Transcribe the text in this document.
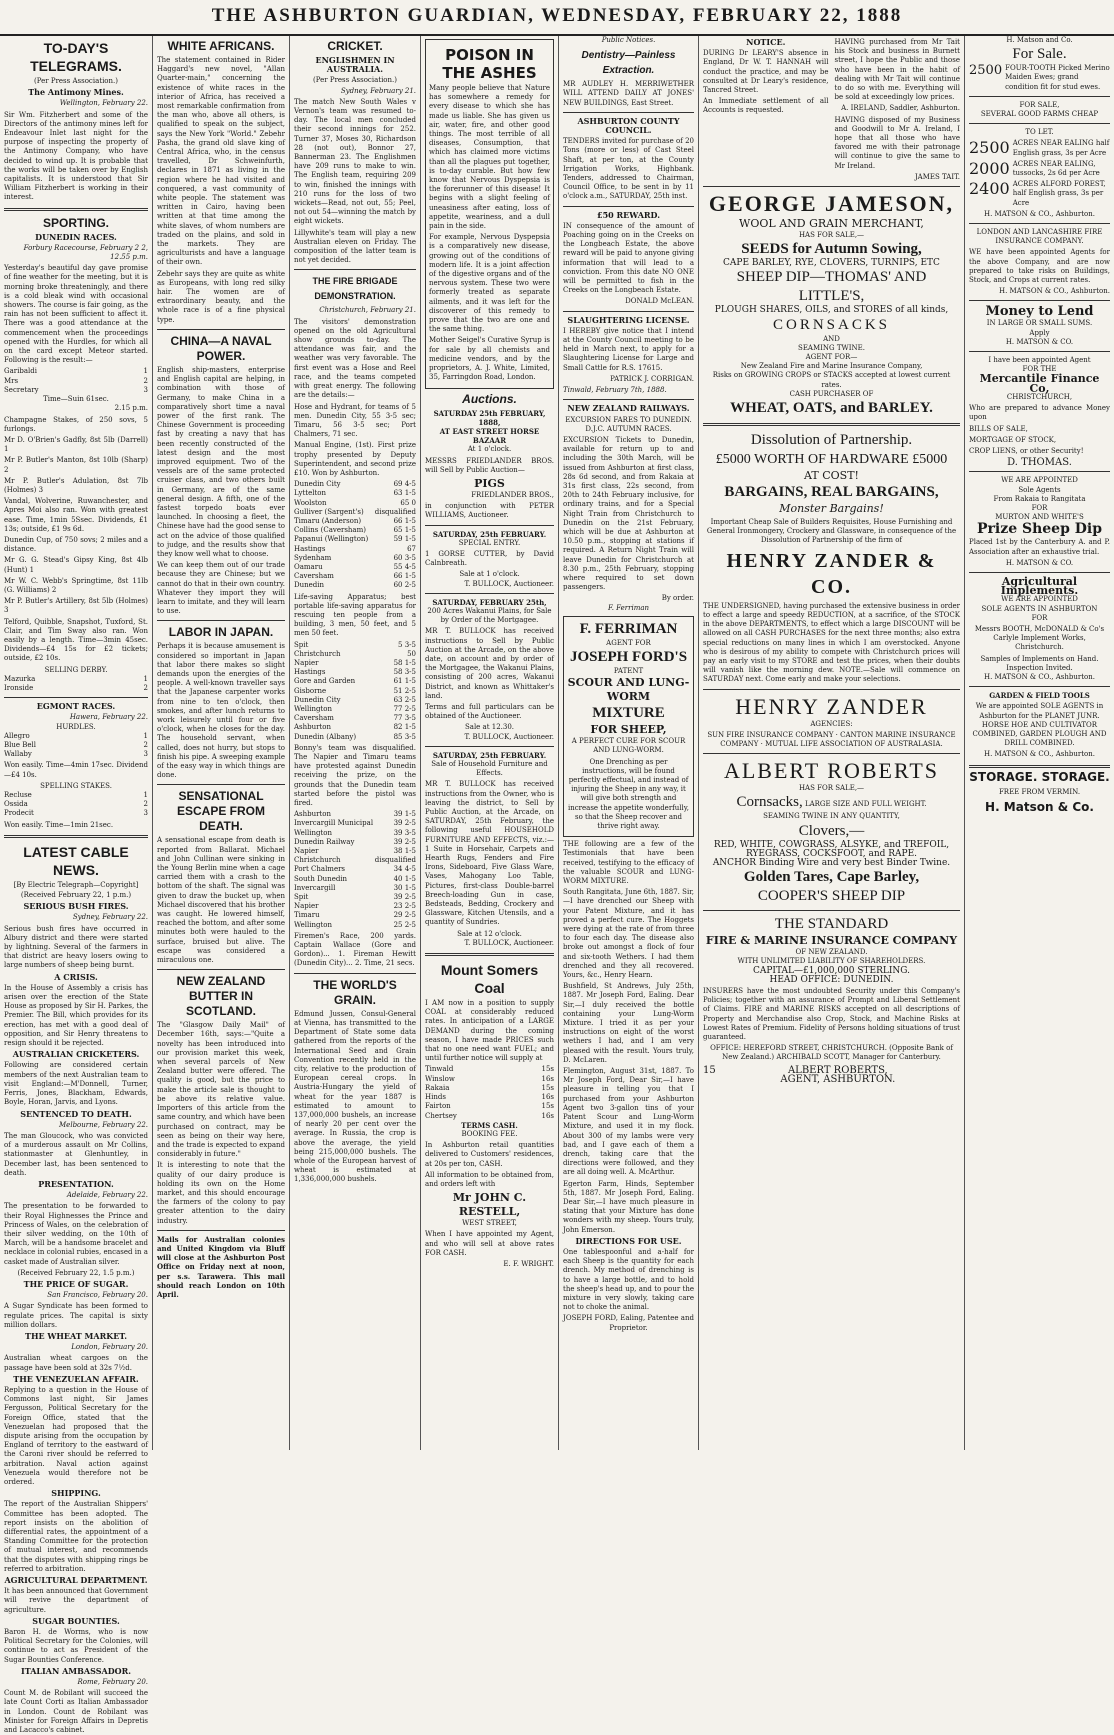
THE ASHBURTON GUARDIAN, WEDNESDAY, FEBRUARY 22, 1888
TO-DAY'S TELEGRAMS.
(Per Press Association.)
The Antimony Mines.
Wellington, February 22.
Sir Wm. Fitzherbert and some of the Directors of the antimony mines left for Endeavour Inlet last night for the purpose of inspecting the property of the Antimony Company, who have decided to wind up. It is probable that the works will be taken over by English capitalists. It is understood that Sir William Fitzherbert is working in their interest.
SPORTING.
DUNEDIN RACES.
Forbury Racecourse, February 2 2, 12.55 p.m.
Yesterday's beautiful day gave promise of fine weather for the meeting, but it is morning broke threateningly, and there is a cold bleak wind with occasional showers. The course is fair going, as the rain has not been sufficient to affect it. There was a good attendance at the commencement when the proceedings opened with the Hurdles, for which all on the card except Meteor started. Following is the result:—
Garibaldi	1
Mrs	2
Secretary	3
Time—Suin 61sec.
2.15 p.m.
Champagne Stakes, of 250 sovs, 5 furlongs.
Mr D. O'Brien's Gadfly, 8st 5lb (Darrell) 1
Mr P. Butler's Manton, 8st 10lb (Sharp) 2
Mr P. Butler's Adulation, 8st 7lb (Holmes) 3
Vandal, Wolverine, Ruwanchester, and Apres Moi also ran. Won with greatest ease. Time, 1min 5Ssec. Dividends, £1 13s; outside, £1 9s 6d.
Dunedin Cup, of 750 sovs; 2 miles and a distance.
Mr G. G. Stead's Gipsy King, 8st 4lb (Hunt) 1
Mr W. C. Webb's Springtime, 8st 11lb (G. Williams) 2
Mr P. Butler's Artillery, 8st 5lb (Holmes) 3
Telford, Quibble, Snapshot, Tuxford, St. Clair, and Tim Sway also ran. Won easily by a length. Time—3min 45sec. Dividends—£4 15s for £2 tickets; outside, £2 10s.
SELLING DERBY.
Mazurka	1
Ironside	2
EGMONT RACES.
Hawera, February 22.
HURDLES.
Allegro	1
Blue Bell	2
Wallaby	3
Won easily. Time—4min 17sec. Dividend—£4 10s.
SPELLING STAKES.
Recluse	1
Ossida	2
Prodecit	3
Won easily. Time—1min 21sec.
LATEST CABLE NEWS.
[By Electric Telegraph—Copyright]
(Received February 22, 1 p.m.)
SERIOUS BUSH FIRES.
Sydney, February 22.
Serious bush fires have occurred in Albury district and there were started by lightning. Several of the farmers in that district are heavy losers owing to large numbers of sheep being burnt.
A CRISIS.
In the House of Assembly a crisis has arisen over the erection of the State House as proposed by Sir H. Parkes, the Premier. The Bill, which provides for its erection, has met with a good deal of opposition, and Sir Henry threatens to resign should it be rejected.
AUSTRALIAN CRICKETERS.
Following are considered certain members of the next Australian team to visit England:—M'Donnell, Turner, Ferris, Jones, Blackham, Edwards, Boyle, Horan, Jarvis, and Lyons.
SENTENCED TO DEATH.
Melbourne, February 22.
The man Gloucock, who was convicted of a murderous assault on Mr Collins, stationmaster at Glenhuntley, in December last, has been sentenced to death.
PRESENTATION.
Adelaide, February 22.
The presentation to be forwarded to their Royal Highnesses the Prince and Princess of Wales, on the celebration of their silver wedding, on the 10th of March, will be a handsome bracelet and necklace in colonial rubies, encased in a casket made of Australian silver.
(Received February 22, 1.5 p.m.)
THE PRICE OF SUGAR.
San Francisco, February 20.
A Sugar Syndicate has been formed to regulate prices. The capital is sixty million dollars.
THE WHEAT MARKET.
London, February 20.
Australian wheat cargoes on the passage have been sold at 32s 7½d.
THE VENEZUELAN AFFAIR.
Replying to a question in the House of Commons last night, Sir James Fergusson, Political Secretary for the Foreign Office, stated that the Venezuelan had proposed that the dispute arising from the occupation by England of territory to the eastward of the Caroni river should be referred to arbitration. Naval action against Venezuela would therefore not be ordered.
SHIPPING.
The report of the Australian Shippers' Committee has been adopted. The report insists on the abolition of differential rates, the appointment of a Standing Committee for the protection of mutual interest, and recommends that the disputes with shipping rings be referred to arbitration.
AGRICULTURAL DEPARTMENT.
It has been announced that Government will revive the department of agriculture.
SUGAR BOUNTIES.
Baron H. de Worms, who is now Political Secretary for the Colonies, will continue to act as President of the Sugar Bounties Conference.
ITALIAN AMBASSADOR.
Rome, February 20.
Count M. de Robilant will succeed the late Count Corti as Italian Ambassador in London. Count de Robilant was Minister for Foreign Affairs in Depretis and Lacacco's cabinet.
WHITE AFRICANS.
The statement contained in Rider Haggard's new novel, "Allan Quarter-main," concerning the existence of white races in the interior of Africa, has received a most remarkable confirmation from the man who, above all others, is qualified to speak on the subject, says the New York "World." Zebehr Pasha, the grand old slave king of Central Africa, who, in the census travelled, Dr Schweinfurth, declares in 1871 as living in the region where he had visited and conquered, a vast community of white people. The statement was written in Cairo, having been written at that time among the white slaves, of whom numbers are traded on the plains, and sold in the markets. They are agriculturists and have a language of their own.
Zebehr says they are quite as white as Europeans, with long red silky hair. The women are of extraordinary beauty, and the whole race is of a fine physical type.
CHINA—A NAVAL POWER.
English ship-masters, enterprise and English capital are helping, in combination with those of Germany, to make China in a comparatively short time a naval power of the first rank. The Chinese Government is proceeding fast by creating a navy that has been recently constructed of the latest design and the most improved equipment. Two of the vessels are of the same protected cruiser class, and two others built in Germany, are of the same general design. A fifth, one of the fastest torpedo boats ever launched. In choosing a fleet, the Chinese have had the good sense to act on the advice of those qualified to judge, and the results show that they know well what to choose.
We can keep them out of our trade because they are Chinese; but we cannot do that in their own country. Whatever they import they will learn to imitate, and they will learn to use.
LABOR IN JAPAN.
Perhaps it is because amusement is considered so important in Japan that labor there makes so slight demands upon the energies of the people. A well-known traveller says that the Japanese carpenter works from nine to ten o'clock, then smokes, and after lunch returns to work leisurely until four or five o'clock, when he closes for the day. The household servant, when called, does not hurry, but stops to finish his pipe. A sweeping example of the easy way in which things are done.
SENSATIONAL ESCAPE FROM DEATH.
A sensational escape from death is reported from Ballarat. Michael and John Cullinan were sinking in the Young Berlin mine when a cage carried them with a crash to the bottom of the shaft. The signal was given to draw the bucket up, when Michael discovered that his brother was caught. He lowered himself, reached the bottom, and after some minutes both were hauled to the surface, bruised but alive. The escape was considered a miraculous one.
NEW ZEALAND BUTTER IN SCOTLAND.
The "Glasgow Daily Mail" of December 16th, says:—"Quite a novelty has been introduced into our provision market this week, when several parcels of New Zealand butter were offered. The quality is good, but the price to make the article sale is thought to be above its relative value. Importers of this article from the same country, and which have been purchased on contract, may be seen as being on their way here, and the trade is expected to expand considerably in future."
It is interesting to note that the quality of our dairy produce is holding its own on the Home market, and this should encourage the farmers of the colony to pay greater attention to the dairy industry.
Mails for Australian colonies and United Kingdom via Bluff will close at the Ashburton Post Office on Friday next at noon, per s.s. Tarawera. This mail should reach London on 10th April.
CRICKET.
ENGLISHMEN IN AUSTRALIA.
(Per Press Association.)
Sydney, February 21.
The match New South Wales v Vernon's team was resumed to-day. The local men concluded their second innings for 252. Turner 37, Moses 30, Richardson 28 (not out), Bonnor 27, Bannerman 23. The Englishmen have 209 runs to make to win. The English team, requiring 209 to win, finished the innings with 210 runs for the loss of two wickets—Read, not out, 55; Peel, not out 54—winning the match by eight wickets.
Lillywhite's team will play a new Australian eleven on Friday. The composition of the latter team is not yet decided.
THE FIRE BRIGADE DEMONSTRATION.
Christchurch, February 21.
The visitors' demonstration opened on the old Agricultural show grounds to-day. The attendance was fair, and the weather was very favorable. The first event was a Hose and Reel race, and the teams competed with great energy. The following are the details:—
Hose and Hydrant, for teams of 5 men. Dunedin City, 55 3-5 sec; Timaru, 56 3-5 sec; Port Chalmers, 71 sec.
Manual Engine, (1st). First prize trophy presented by Deputy Superintendent, and second prize £10. Won by Ashburton.
Dunedin City	69 4-5
Lyttelton	63 1-5
Woolston	65 0
Gulliver (Sargent's) disqualified
Timaru (Anderson)	66 1-5
Collins (Caversham)	65 1-5
Papanui (Wellington)	59 1-5
Hastings	67
Sydenham	60 3-5
Oamaru	55 4-5
Caversham	66 1-5
Dunedin	60 2-5
Life-saving Apparatus; best portable life-saving apparatus for rescuing ten people from a building, 3 men, 50 feet, and 5 men 50 feet.
Spit	5 3-5
Christchurch	50
Napier	58 1-5
Hastings	58 3-5
Gore and Garden	61 1-5
Gisborne	51 2-5
Dunedin City	63 2-5
Wellington	77 2-5
Caversham	77 3-5
Ashburton	82 1-5
Dunedin (Albany)	85 3-5
Bonny's team was disqualified. The Napier and Timaru teams have protested against Dunedin receiving the prize, on the grounds that the Dunedin team started before the pistol was fired.
Ashburton	39 1-5
Invercargill Municipal	39 2-5
Wellington	39 3-5
Dunedin Railway	39 2-5
Napier	38 1-5
Christchurch	disqualified
Port Chalmers	34 4-5
South Dunedin	40 1-5
Invercargill	30 1-5
Spit	39 2-5
Napier	23 2-5
Timaru	29 2-5
Wellington	25 2-5
Firemen's Race, 200 yards. Captain Wallace (Gore and Gordon)... 1. Fireman Hewitt (Dunedin City)... 2. Time, 21 secs.
THE WORLD'S GRAIN.
Edmund Jussen, Consul-General at Vienna, has transmitted to the Department of State some data gathered from the reports of the International Seed and Grain Convention recently held in the city, relative to the production of European cereal crops. In Austria-Hungary the yield of wheat for the year 1887 is estimated to amount to 137,000,000 bushels, an increase of nearly 20 per cent over the average. In Russia, the crop is above the average, the yield being 215,000,000 bushels. The whole of the European harvest of wheat is estimated at 1,336,000,000 bushels.
POISON IN THE ASHES
Many people believe that Nature has somewhere a remedy for every disease to which she has made us liable. She has given us air, water, fire, and other good things. The most terrible of all diseases, Consumption, that which has claimed more victims than all the plagues put together, is to-day curable. But how few know that Nervous Dyspepsia is the forerunner of this disease! It begins with a slight feeling of uneasiness after eating, loss of appetite, weariness, and a dull pain in the side.
For example, Nervous Dyspepsia is a comparatively new disease, growing out of the conditions of modern life. It is a joint affection of the digestive organs and of the nervous system. These two were formerly treated as separate ailments, and it was left for the discoverer of this remedy to prove that the two are one and the same thing.
Mother Seigel's Curative Syrup is for sale by all chemists and medicine vendors, and by the proprietors, A. J. White, Limited, 35, Farringdon Road, London.
Auctions.
SATURDAY 25th FEBRUARY, 1888,
AT EAST STREET HORSE BAZAAR
At 1 o'clock.
MESSRS FRIEDLANDER BROS. will Sell by Public Auction—
PIGS
FRIEDLANDER BROS.,
in conjunction with PETER WILLIAMS, Auctioneer.
SATURDAY, 25th FEBRUARY.
SPECIAL ENTRY.
1 GORSE CUTTER, by David Calnbreath.
Sale at 1 o'clock.
T. BULLOCK, Auctioneer.
SATURDAY, FEBRUARY 25th,
200 Acres Wakanui Plains, for Sale by Order of the Mortgagee.
MR T. BULLOCK has received instructions to Sell by Public Auction at the Arcade, on the above date, on account and by order of the Mortgagee, the Wakanui Plains, consisting of 200 acres, Wakanui District, and known as Whittaker's land.
Terms and full particulars can be obtained of the Auctioneer.
Sale at 12.30.
T. BULLOCK, Auctioneer.
SATURDAY, 25th FEBRUARY.
Sale of Household Furniture and Effects.
MR T. BULLOCK has received instructions from the Owner, who is leaving the district, to Sell by Public Auction, at the Arcade, on SATURDAY, 25th February, the following useful HOUSEHOLD FURNITURE AND EFFECTS, viz.:—1 Suite in Horsehair, Carpets and Hearth Rugs, Fenders and Fire Irons, Sideboard, Five Glass Ware, Vases, Mahogany Loo Table, Pictures, first-class Double-barrel Breech-loading Gun in case, Bedsteads, Bedding, Crockery and Glassware, Kitchen Utensils, and a quantity of Sundries.
Sale at 12 o'clock.
T. BULLOCK, Auctioneer.
Mount Somers Coal
I AM now in a position to supply COAL at considerably reduced rates. In anticipation of a LARGE DEMAND during the coming season, I have made PRICES such that no one need want FUEL; and until further notice will supply at
Tinwald	15s
Winslow	16s
Rakaia	15s
Hinds	16s
Fairton	15s
Chertsey	16s
TERMS CASH.
BOOKING FEE.
In Ashburton retail quantities delivered to Customers' residences, at 20s per ton, CASH.
All information to be obtained from, and orders left with
Mr JOHN C. RESTELL,
WEST STREET,
When I have appointed my Agent, and who will sell at above rates FOR CASH.
E. F. WRIGHT.
Public Notices.
Dentistry—Painless Extraction.
MR AUDLEY H. MERRIWETHER WILL ATTEND DAILY AT JONES' NEW BUILDINGS, East Street.
ASHBURTON COUNTY COUNCIL.
TENDERS invited for purchase of 20 Tons (more or less) of Cast Steel Shaft, at per ton, at the County Irrigation Works, Highbank. Tenders, addressed to Chairman, Council Office, to be sent in by 11 o'clock a.m., SATURDAY, 25th inst.
£50 REWARD.
IN consequence of the amount of Poaching going on in the Creeks on the Longbeach Estate, the above reward will be paid to anyone giving information that will lead to a conviction. From this date NO ONE will be permitted to fish in the Creeks on the Longbeach Estate.
DONALD McLEAN.
SLAUGHTERING LICENSE.
I HEREBY give notice that I intend at the County Council meeting to be held in March next, to apply for a Slaughtering License for Large and Small Cattle for R.S. 17615.
PATRICK J. CORRIGAN.
Tinwald, February 7th, 1888.
NEW ZEALAND RAILWAYS.
EXCURSION FARES TO DUNEDIN.
D.J.C. AUTUMN RACES.
EXCURSION Tickets to Dunedin, available for return up to and including the 30th March, will be issued from Ashburton at first class, 28s 6d second, and from Rakaia at 31s first class, 22s second, from 20th to 24th February inclusive, for ordinary trains, and for a Special Night Train from Christchurch to Dunedin on the 21st February, which will be due at Ashburton at 10.50 p.m., stopping at stations if required. A Return Night Train will leave Dunedin for Christchurch at 8.30 p.m., 25th February, stopping where required to set down passengers.
By order.
F. Ferriman
F. FERRIMAN
AGENT FOR
JOSEPH FORD'S
PATENT
SCOUR AND LUNG-WORM
MIXTURE
FOR SHEEP,
A PERFECT CURE FOR SCOUR AND LUNG-WORM.
One Drenching as per instructions, will be found perfectly effectual, and instead of injuring the Sheep in any way, it will give both strength and increase the appetite wonderfully, so that the Sheep recover and thrive right away.
THE following are a few of the Testimonials that have been received, testifying to the efficacy of the valuable SCOUR and LUNG-WORM MIXTURE.
South Rangitata, June 6th, 1887. Sir,—I have drenched our Sheep with your Patent Mixture, and it has proved a perfect cure. The Hoggets were dying at the rate of from three to four each day. The disease also broke out amongst a flock of four and six-tooth Wethers. I had them drenched and they all recovered. Yours, &c., Henry Hearn.
Bushfield, St Andrews, July 25th, 1887. Mr Joseph Ford, Ealing. Dear Sir,—I duly received the bottle containing your Lung-Worm Mixture. I tried it as per your instructions on eight of the worst wethers I had, and I am very pleased with the result. Yours truly, D. McLaren.
Flemington, August 31st, 1887. To Mr Joseph Ford, Dear Sir,—I have pleasure in telling you that I purchased from your Ashburton Agent two 3-gallon tins of your Patent Scour and Lung-Worm Mixture, and used it in my flock. About 300 of my lambs were very bad, and I gave each of them a drench, taking care that the directions were followed, and they are all doing well. A. McArthur.
Egerton Farm, Hinds, September 5th, 1887. Mr Joseph Ford, Ealing. Dear Sir,—I have much pleasure in stating that your Mixture has done wonders with my sheep. Yours truly, John Emerson.
DIRECTIONS FOR USE.
One tablespoonful and a-half for each Sheep is the quantity for each drench. My method of drenching is to have a large bottle, and to hold the sheep's head up, and to pour the mixture in very slowly, taking care not to choke the animal.
JOSEPH FORD, Ealing, Patentee and Proprietor.
NOTICE.
DURING Dr LEARY'S absence in England, Dr W. T. HANNAH will conduct the practice, and may be consulted at Dr Leary's residence, Tancred Street.
An Immediate settlement of all Accounts is requested.
HAVING purchased from Mr Tait his Stock and business in Burnett street, I hope the Public and those who have been in the habit of dealing with Mr Tait will continue to do so with me. Everything will be sold at exceedingly low prices.
A. IRELAND, Saddler, Ashburton.
HAVING disposed of my Business and Goodwill to Mr A. Ireland, I hope that all those who have favored me with their patronage will continue to give the same to Mr Ireland.
JAMES TAIT.
GEORGE JAMESON,
WOOL AND GRAIN MERCHANT,
HAS FOR SALE,—
SEEDS for Autumn Sowing,
CAPE BARLEY, RYE, CLOVERS, TURNIPS, ETC
SHEEP DIP—THOMAS' AND LITTLE'S,
PLOUGH SHARES, OILS, and STORES of all kinds,
CORNSACKS
AND
SEAMING TWINE.
AGENT FOR—
New Zealand Fire and Marine Insurance Company,
Risks on GROWING CROPS or STACKS accepted at lowest current rates.
CASH PURCHASER OF
WHEAT, OATS, and BARLEY.
Dissolution of Partnership.
£5000 WORTH OF HARDWARE £5000
AT COST!
BARGAINS, REAL BARGAINS,
Monster Bargains!
Important Cheap Sale of Builders Requisites, House Furnishing and General Ironmongery, Crockery and Glassware, in consequence of the Dissolution of Partnership of the firm of
HENRY ZANDER & CO.
THE UNDERSIGNED, having purchased the extensive business in order to effect a large and speedy REDUCTION, at a sacrifice, of the STOCK in the above DEPARTMENTS, to effect which a large DISCOUNT will be allowed on all CASH PURCHASES for the next three months; also extra special reductions on many lines in which I am overstocked. Anyone who is desirous of my ability to compete with Christchurch prices will pay an early visit to my STORE and test the prices, when their doubts will vanish like the morning dew. NOTE.—Sale will commence on SATURDAY next. Come early and make your selections.
HENRY ZANDER
AGENCIES:
SUN FIRE INSURANCE COMPANY · CANTON MARINE INSURANCE COMPANY · MUTUAL LIFE ASSOCIATION OF AUSTRALASIA.
ALBERT ROBERTS
HAS FOR SALE,—
Cornsacks, LARGE SIZE AND FULL WEIGHT.
SEAMING TWINE IN ANY QUANTITY,
Clovers,—
RED, WHITE, COWGRASS, ALSYKE, and TREFOIL, RYEGRASS, COCKSFOOT, and RAPE.
ANCHOR Binding Wire and very best Binder Twine.
Golden Tares, Cape Barley,
COOPER'S SHEEP DIP
THE STANDARD
FIRE & MARINE INSURANCE COMPANY
OF NEW ZEALAND.
WITH UNLIMITED LIABILITY OF SHAREHOLDERS.
CAPITAL—£1,000,000 STERLING.
HEAD OFFICE: DUNEDIN.
INSURERS have the most undoubted Security under this Company's Policies; together with an assurance of Prompt and Liberal Settlement of Claims. FIRE and MARINE RISKS accepted on all descriptions of Property and Merchandise also Crop, Stock, and Machine Risks at Lowest Rates of Premium. Fidelity of Persons holding situations of trust guaranteed.
OFFICE: HEREFORD STREET, CHRISTCHURCH. (Opposite Bank of New Zealand.) ARCHIBALD SCOTT, Manager for Canterbury.
15	ALBERT ROBERTS,
AGENT, ASHBURTON.
H. Matson and Co.
For Sale.
2500 FOUR-TOOTH Picked Merino Maiden Ewes; grand condition fit for stud ewes.
FOR SALE,
SEVERAL GOOD FARMS CHEAP
TO LET.
2500 ACRES NEAR EALING half English grass, 3s per Acre
2000 ACRES NEAR EALING, tussocks, 2s 6d per Acre
2400 ACRES ALFORD FOREST, half English grass, 3s per Acre
H. MATSON & CO., Ashburton.
LONDON AND LANCASHIRE FIRE INSURANCE COMPANY.
WE have been appointed Agents for the above Company, and are now prepared to take risks on Buildings, Stock, and Crops at current rates.
H. MATSON & CO., Ashburton.
Money to Lend
IN LARGE OR SMALL SUMS.
Apply
H. MATSON & CO.
I have been appointed Agent
FOR THE
Mercantile Finance Co,
CHRISTCHURCH,
Who are prepared to advance Money upon
BILLS OF SALE,
MORTGAGE OF STOCK,
CROP LIENS, or other Security!
D. THOMAS.
WE ARE APPOINTED
Sole Agents
From Rakaia to Rangitata
FOR
MURTON AND WHITE'S
Prize Sheep Dip
Placed 1st by the Canterbury A. and P. Association after an exhaustive trial.
H. MATSON & CO.
Agricultural Implements.
WE ARE APPOINTED
SOLE AGENTS IN ASHBURTON
FOR
Messrs BOOTH, McDONALD & Co's Carlyle Implement Works, Christchurch.
Samples of Implements on Hand.
Inspection Invited.
H. MATSON & CO., Ashburton.
GARDEN & FIELD TOOLS
We are appointed SOLE AGENTS in Ashburton for the PLANET JUNR. HORSE HOE AND CULTIVATOR COMBINED, GARDEN PLOUGH AND DRILL COMBINED.
H. MATSON & CO., Ashburton.
STORAGE. STORAGE.
FREE FROM VERMIN.
H. Matson & Co.
